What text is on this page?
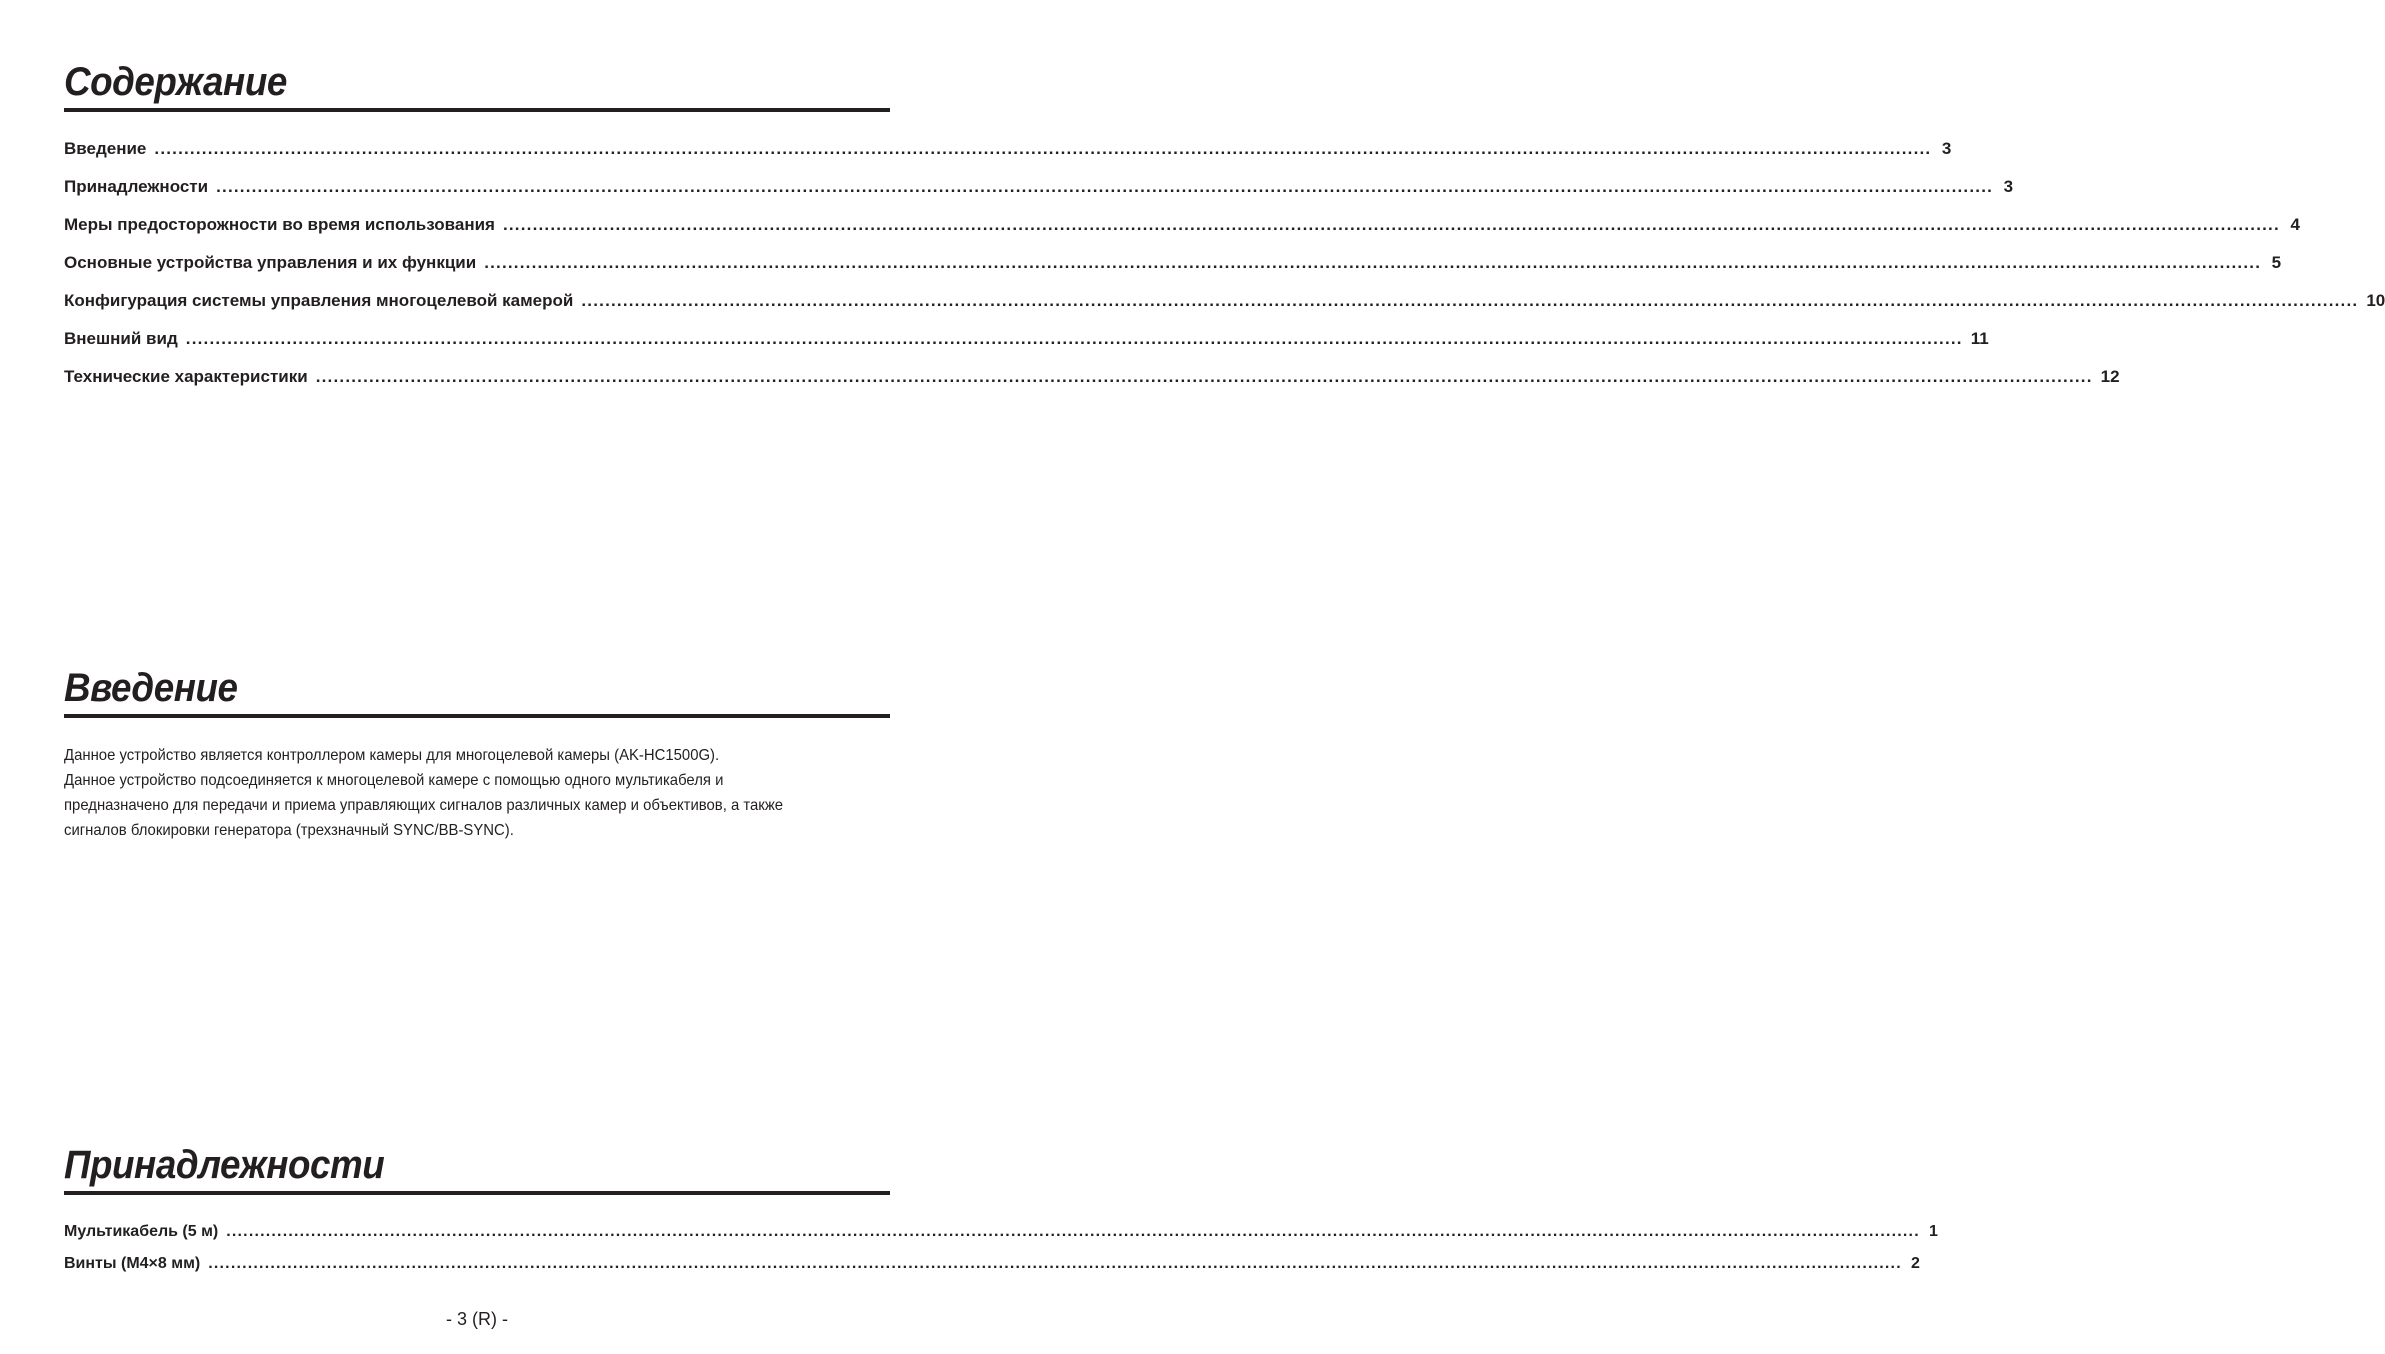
Содержание
Введение ............................................................................................................................................................................................................................................................................................................ 3
Принадлежности ............................................................................................................................................................................................................................................................................................................ 3
Меры предосторожности во время использования ............................................................................................................................................................................................................................................................................................................ 4
Основные устройства управления и их функции ............................................................................................................................................................................................................................................................................................................ 5
Конфигурация системы управления многоцелевой камерой ............................................................................................................................................................................................................................................................................................................ 10
Внешний вид ............................................................................................................................................................................................................................................................................................................ 11
Технические характеристики ............................................................................................................................................................................................................................................................................................................ 12
Введение

Данное устройство является контроллером камеры для многоцелевой камеры (AK-HC1500G).

Данное устройство подсоединяется к многоцелевой камере с помощью одного мультикабеля и

предназначено для передачи и приема управляющих сигналов различных камер и объективов, а также

сигналов блокировки генератора (трехзначный SYNC/BB-SYNC).

Принадлежности
Мультикабель (5 м) ............................................................................................................................................................................................................................................................................................................ 1
Винты (M4×8 мм) ............................................................................................................................................................................................................................................................................................................ 2
- 3 (R) -
